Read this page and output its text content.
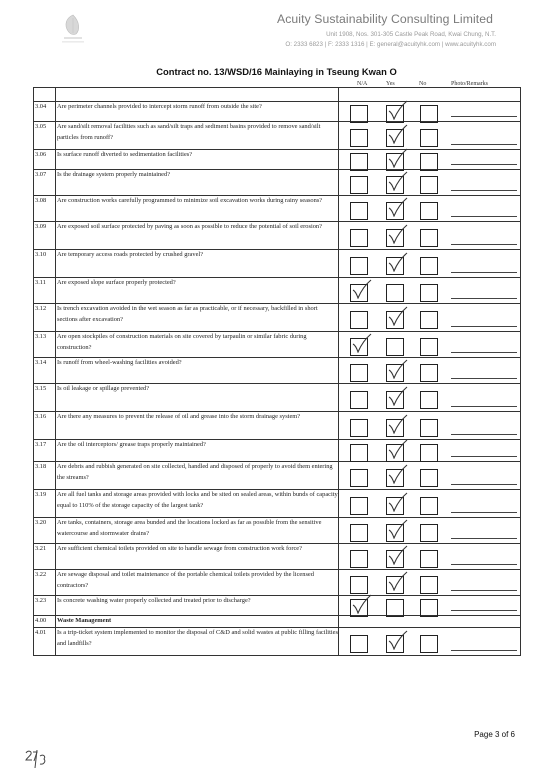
Acuity Sustainability Consulting Limited
Unit 1908, Nos. 301-305 Castle Peak Road, Kwai Chung, N.T.
O: 2333 6823 | F: 2333 1316 | E: general@acuityhk.com | www.acuityhk.com
Contract no. 13/WSD/16 Mainlaying in Tseung Kwan O
N/A	Yes	No	Photo/Remarks

3.04	Are perimeter channels provided to intercept storm runoff from outside the site?	
3.05	Are sand/silt removal facilities such as sand/silt traps and sediment basins provided to remove sand/silt particles from runoff?	
3.06	Is surface runoff diverted to sedimentation facilities?	
3.07	Is the drainage system properly maintained?	
3.08	Are construction works carefully programmed to minimize soil excavation works during rainy seasons?	
3.09	Are exposed soil surface protected by paving as soon as possible to reduce the potential of soil erosion?	
3.10	Are temporary access roads protected by crushed gravel?	
3.11	Are exposed slope surface properly protected?	
3.12	Is trench excavation avoided in the wet season as far as practicable, or if necessary, backfilled in short sections after excavation?	
3.13	Are open stockpiles of construction materials on site covered by tarpaulin or similar fabric during construction?	
3.14	Is runoff from wheel-washing facilities avoided?	
3.15	Is oil leakage or spillage prevented?	
3.16	Are there any measures to prevent the release of oil and grease into the storm drainage system?	
3.17	Are the oil interceptors/ grease traps properly maintained?	
3.18	Are debris and rubbish generated on site collected, handled and disposed of properly to avoid them entering the streams?	
3.19	Are all fuel tanks and storage areas provided with locks and be sited on sealed areas, within bunds of capacity equal to 110% of the storage capacity of the largest tank?	
3.20	Are tanks, containers, storage area bunded and the locations locked as far as possible from the sensitive watercourse and stormwater drains?	
3.21	Are sufficient chemical toilets provided on site to handle sewage from construction work force?	
3.22	Are sewage disposal and toilet maintenance of the portable chemical toilets provided by the licensed contractors?	
3.23	Is concrete washing water properly collected and treated prior to discharge?	
4.00	Waste Management	
4.01	Is a trip-ticket system implemented to monitor the disposal of C&D and solid wastes at public filling facilities and landfills?	
Page 3 of 6
